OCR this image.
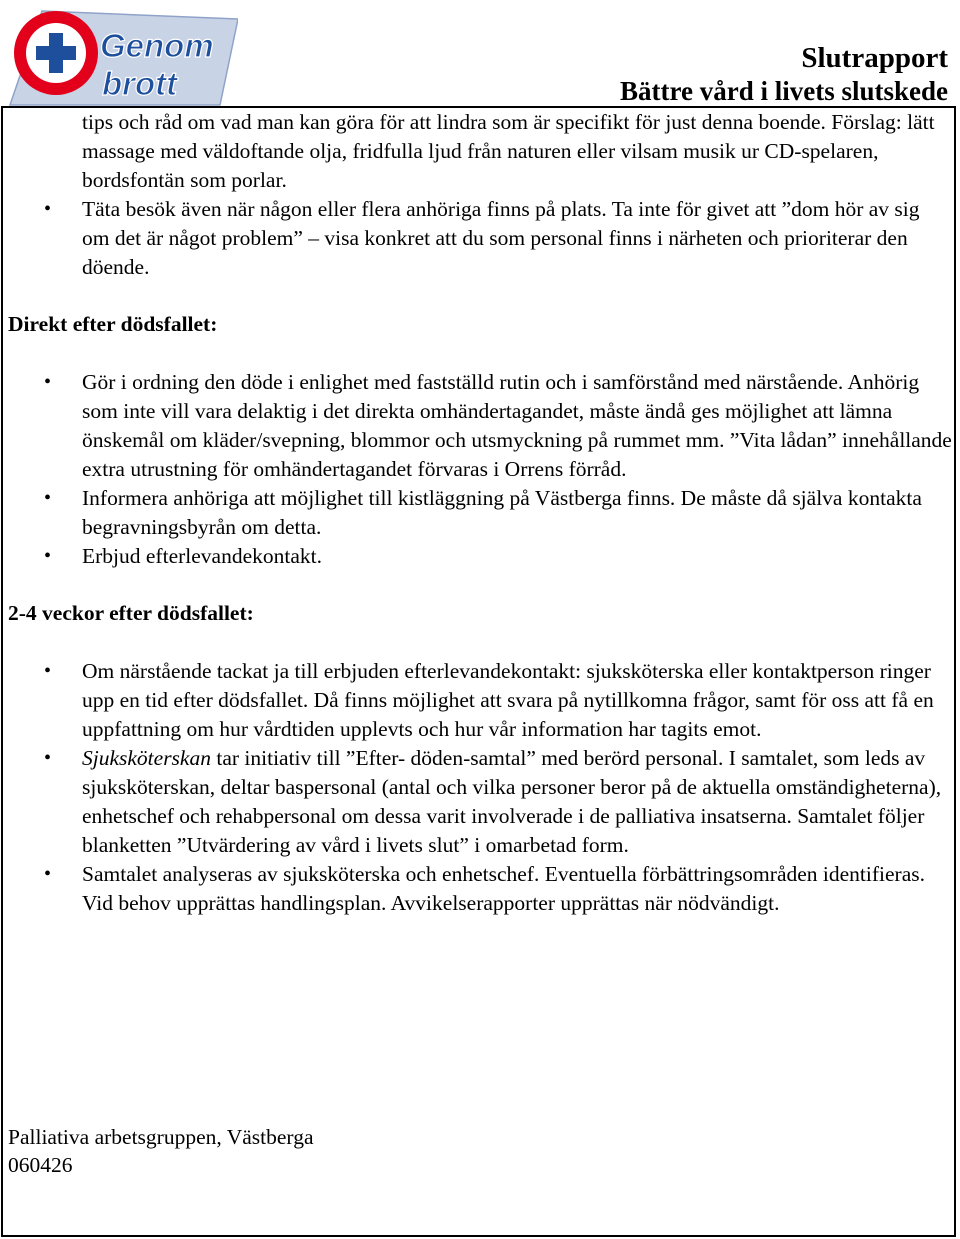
Genom
brott
Slutrapport
Bättre vård i livets slutskede

tips och råd om vad man kan göra för att lindra som är specifikt för just denna boende. Förslag: lätt massage med väldoftande olja, fridfulla ljud från naturen eller vilsam musik ur CD-spelaren, bordsfontän som porlar.

• Täta besök även när någon eller flera anhöriga finns på plats. Ta inte för givet att ”dom hör av sig om det är något problem” – visa konkret att du som personal finns i närheten och prioriterar den döende.

Direkt efter dödsfallet:

• Gör i ordning den döde i enlighet med fastställd rutin och i samförstånd med närstående. Anhörig som inte vill vara delaktig i det direkta omhändertagandet, måste ändå ges möjlighet att lämna önskemål om kläder/svepning, blommor och utsmyckning på rummet mm. ”Vita lådan” innehållande extra utrustning för omhändertagandet förvaras i Orrens förråd.
• Informera anhöriga att möjlighet till kistläggning på Västberga finns. De måste då själva kontakta begravningsbyrån om detta.
• Erbjud efterlevandekontakt.

2-4 veckor efter dödsfallet:

• Om närstående tackat ja till erbjuden efterlevandekontakt: sjuksköterska eller kontaktperson ringer upp en tid efter dödsfallet. Då finns möjlighet att svara på nytillkomna frågor, samt för oss att få en uppfattning om hur vårdtiden upplevts och hur vår information har tagits emot.
• Sjuksköterskan tar initiativ till ”Efter- döden-samtal” med berörd personal. I samtalet, som leds av sjuksköterskan, deltar baspersonal (antal och vilka personer beror på de aktuella omständigheterna), enhetschef och rehabpersonal om dessa varit involverade i de palliativa insatserna. Samtalet följer blanketten ”Utvärdering av vård i livets slut” i omarbetad form.
• Samtalet analyseras av sjuksköterska och enhetschef. Eventuella förbättringsområden identifieras. Vid behov upprättas handlingsplan. Avvikelserapporter upprättas när nödvändigt.
Palliativa arbetsgruppen, Västberga
060426
